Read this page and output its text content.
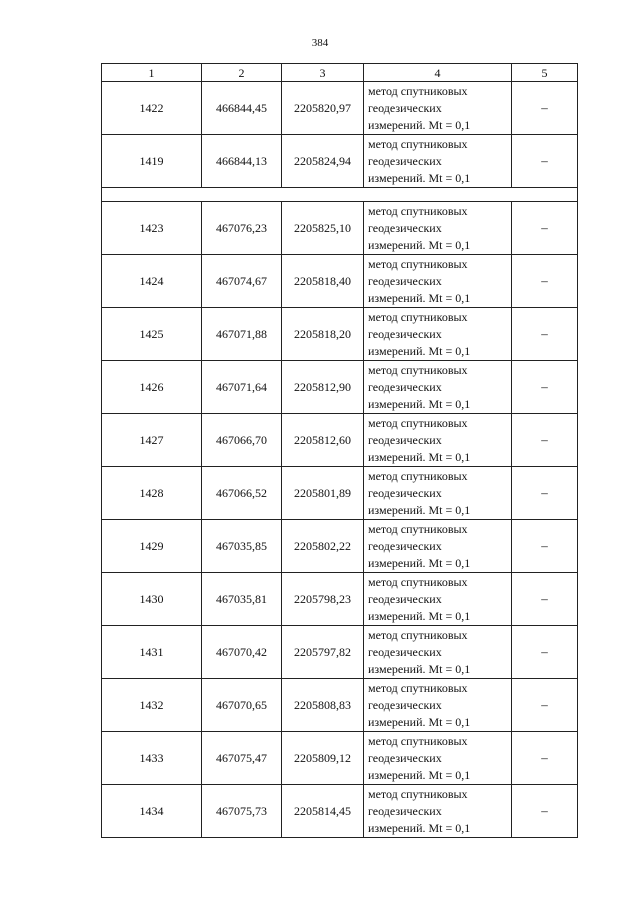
384
1	2	3	4	5
1422	466844,45	2205820,97	метод спутниковых
геодезических
измерений. Mt = 0,1	–
1419	466844,13	2205824,94	метод спутниковых
геодезических
измерений. Mt = 0,1	–

1423	467076,23	2205825,10	метод спутниковых
геодезических
измерений. Mt = 0,1	–
1424	467074,67	2205818,40	метод спутниковых
геодезических
измерений. Mt = 0,1	–
1425	467071,88	2205818,20	метод спутниковых
геодезических
измерений. Mt = 0,1	–
1426	467071,64	2205812,90	метод спутниковых
геодезических
измерений. Mt = 0,1	–
1427	467066,70	2205812,60	метод спутниковых
геодезических
измерений. Mt = 0,1	–
1428	467066,52	2205801,89	метод спутниковых
геодезических
измерений. Mt = 0,1	–
1429	467035,85	2205802,22	метод спутниковых
геодезических
измерений. Mt = 0,1	–
1430	467035,81	2205798,23	метод спутниковых
геодезических
измерений. Mt = 0,1	–
1431	467070,42	2205797,82	метод спутниковых
геодезических
измерений. Mt = 0,1	–
1432	467070,65	2205808,83	метод спутниковых
геодезических
измерений. Mt = 0,1	–
1433	467075,47	2205809,12	метод спутниковых
геодезических
измерений. Mt = 0,1	–
1434	467075,73	2205814,45	метод спутниковых
геодезических
измерений. Mt = 0,1	–
